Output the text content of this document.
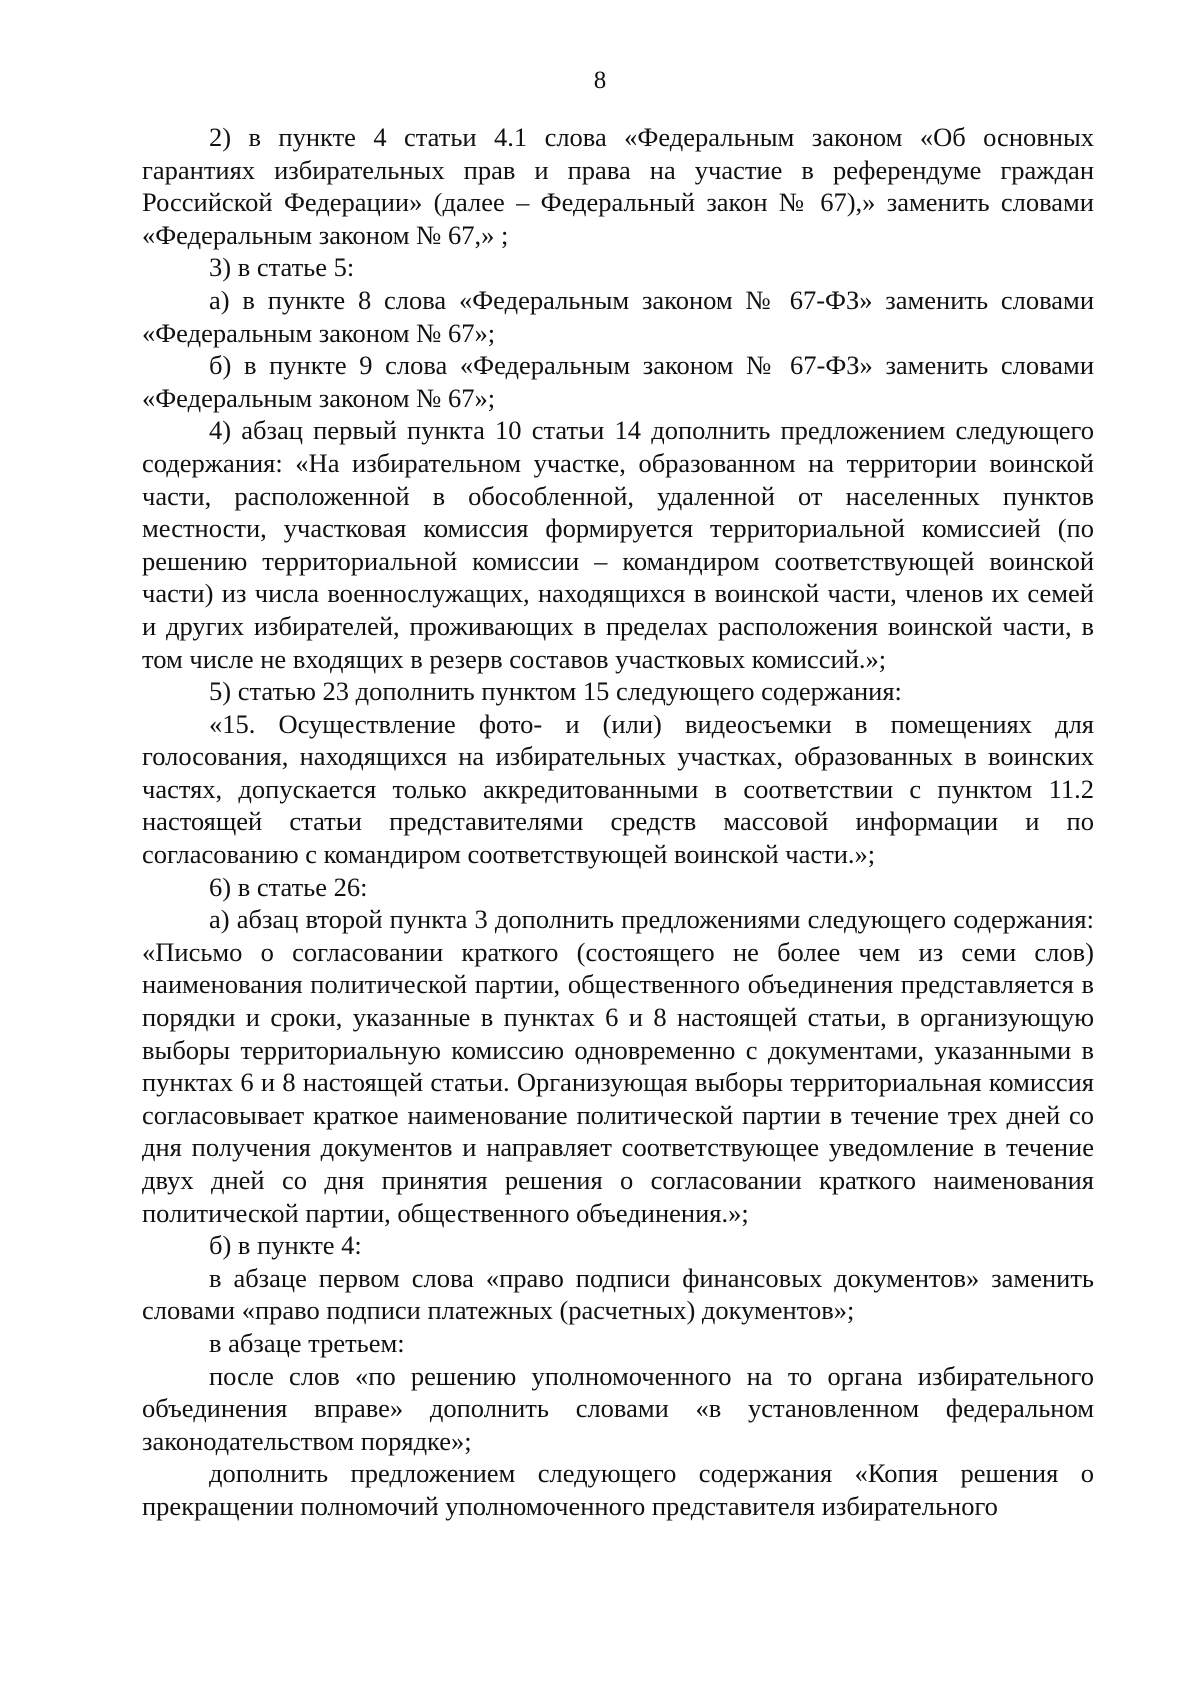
8

2) в пункте 4 статьи 4.1 слова «Федеральным законом «Об основных гарантиях избирательных прав и права на участие в референдуме граждан Российской Федерации» (далее – Федеральный закон № 67),» заменить словами «Федеральным законом № 67,» ;

3) в статье 5:

а) в пункте 8 слова «Федеральным законом № 67-ФЗ» заменить словами «Федеральным законом № 67»;

б) в пункте 9 слова «Федеральным законом № 67-ФЗ» заменить словами «Федеральным законом № 67»;

4) абзац первый пункта 10 статьи 14 дополнить предложением следующего содержания: «На избирательном участке, образованном на территории воинской части, расположенной в обособленной, удаленной от населенных пунктов местности, участковая комиссия формируется территориальной комиссией (по решению территориальной комиссии – командиром соответствующей воинской части) из числа военнослужащих, находящихся в воинской части, членов их семей и других избирателей, проживающих в пределах расположения воинской части, в том числе не входящих в резерв составов участковых комиссий.»;

5) статью 23 дополнить пунктом 15 следующего содержания:

«15. Осуществление фото- и (или) видеосъемки в помещениях для голосования, находящихся на избирательных участках, образованных в воинских частях, допускается только аккредитованными в соответствии с пунктом 11.2 настоящей статьи представителями средств массовой информации и по согласованию с командиром соответствующей воинской части.»;

6) в статье 26:

а) абзац второй пункта 3 дополнить предложениями следующего содержания: «Письмо о согласовании краткого (состоящего не более чем из семи слов) наименования политической партии, общественного объединения представляется в порядки и сроки, указанные в пунктах 6 и 8 настоящей статьи, в организующую выборы территориальную комиссию одновременно с документами, указанными в пунктах 6 и 8 настоящей статьи. Организующая выборы территориальная комиссия согласовывает краткое наименование политической партии в течение трех дней со дня получения документов и направляет соответствующее уведомление в течение двух дней со дня принятия решения о согласовании краткого наименования политической партии, общественного объединения.»;

б) в пункте 4:

в абзаце первом слова «право подписи финансовых документов» заменить словами «право подписи платежных (расчетных) документов»;

в абзаце третьем:

после слов «по решению уполномоченного на то органа избирательного объединения вправе» дополнить словами «в установленном федеральном законодательством порядке»;

дополнить предложением следующего содержания «Копия решения о прекращении полномочий уполномоченного представителя избирательного
